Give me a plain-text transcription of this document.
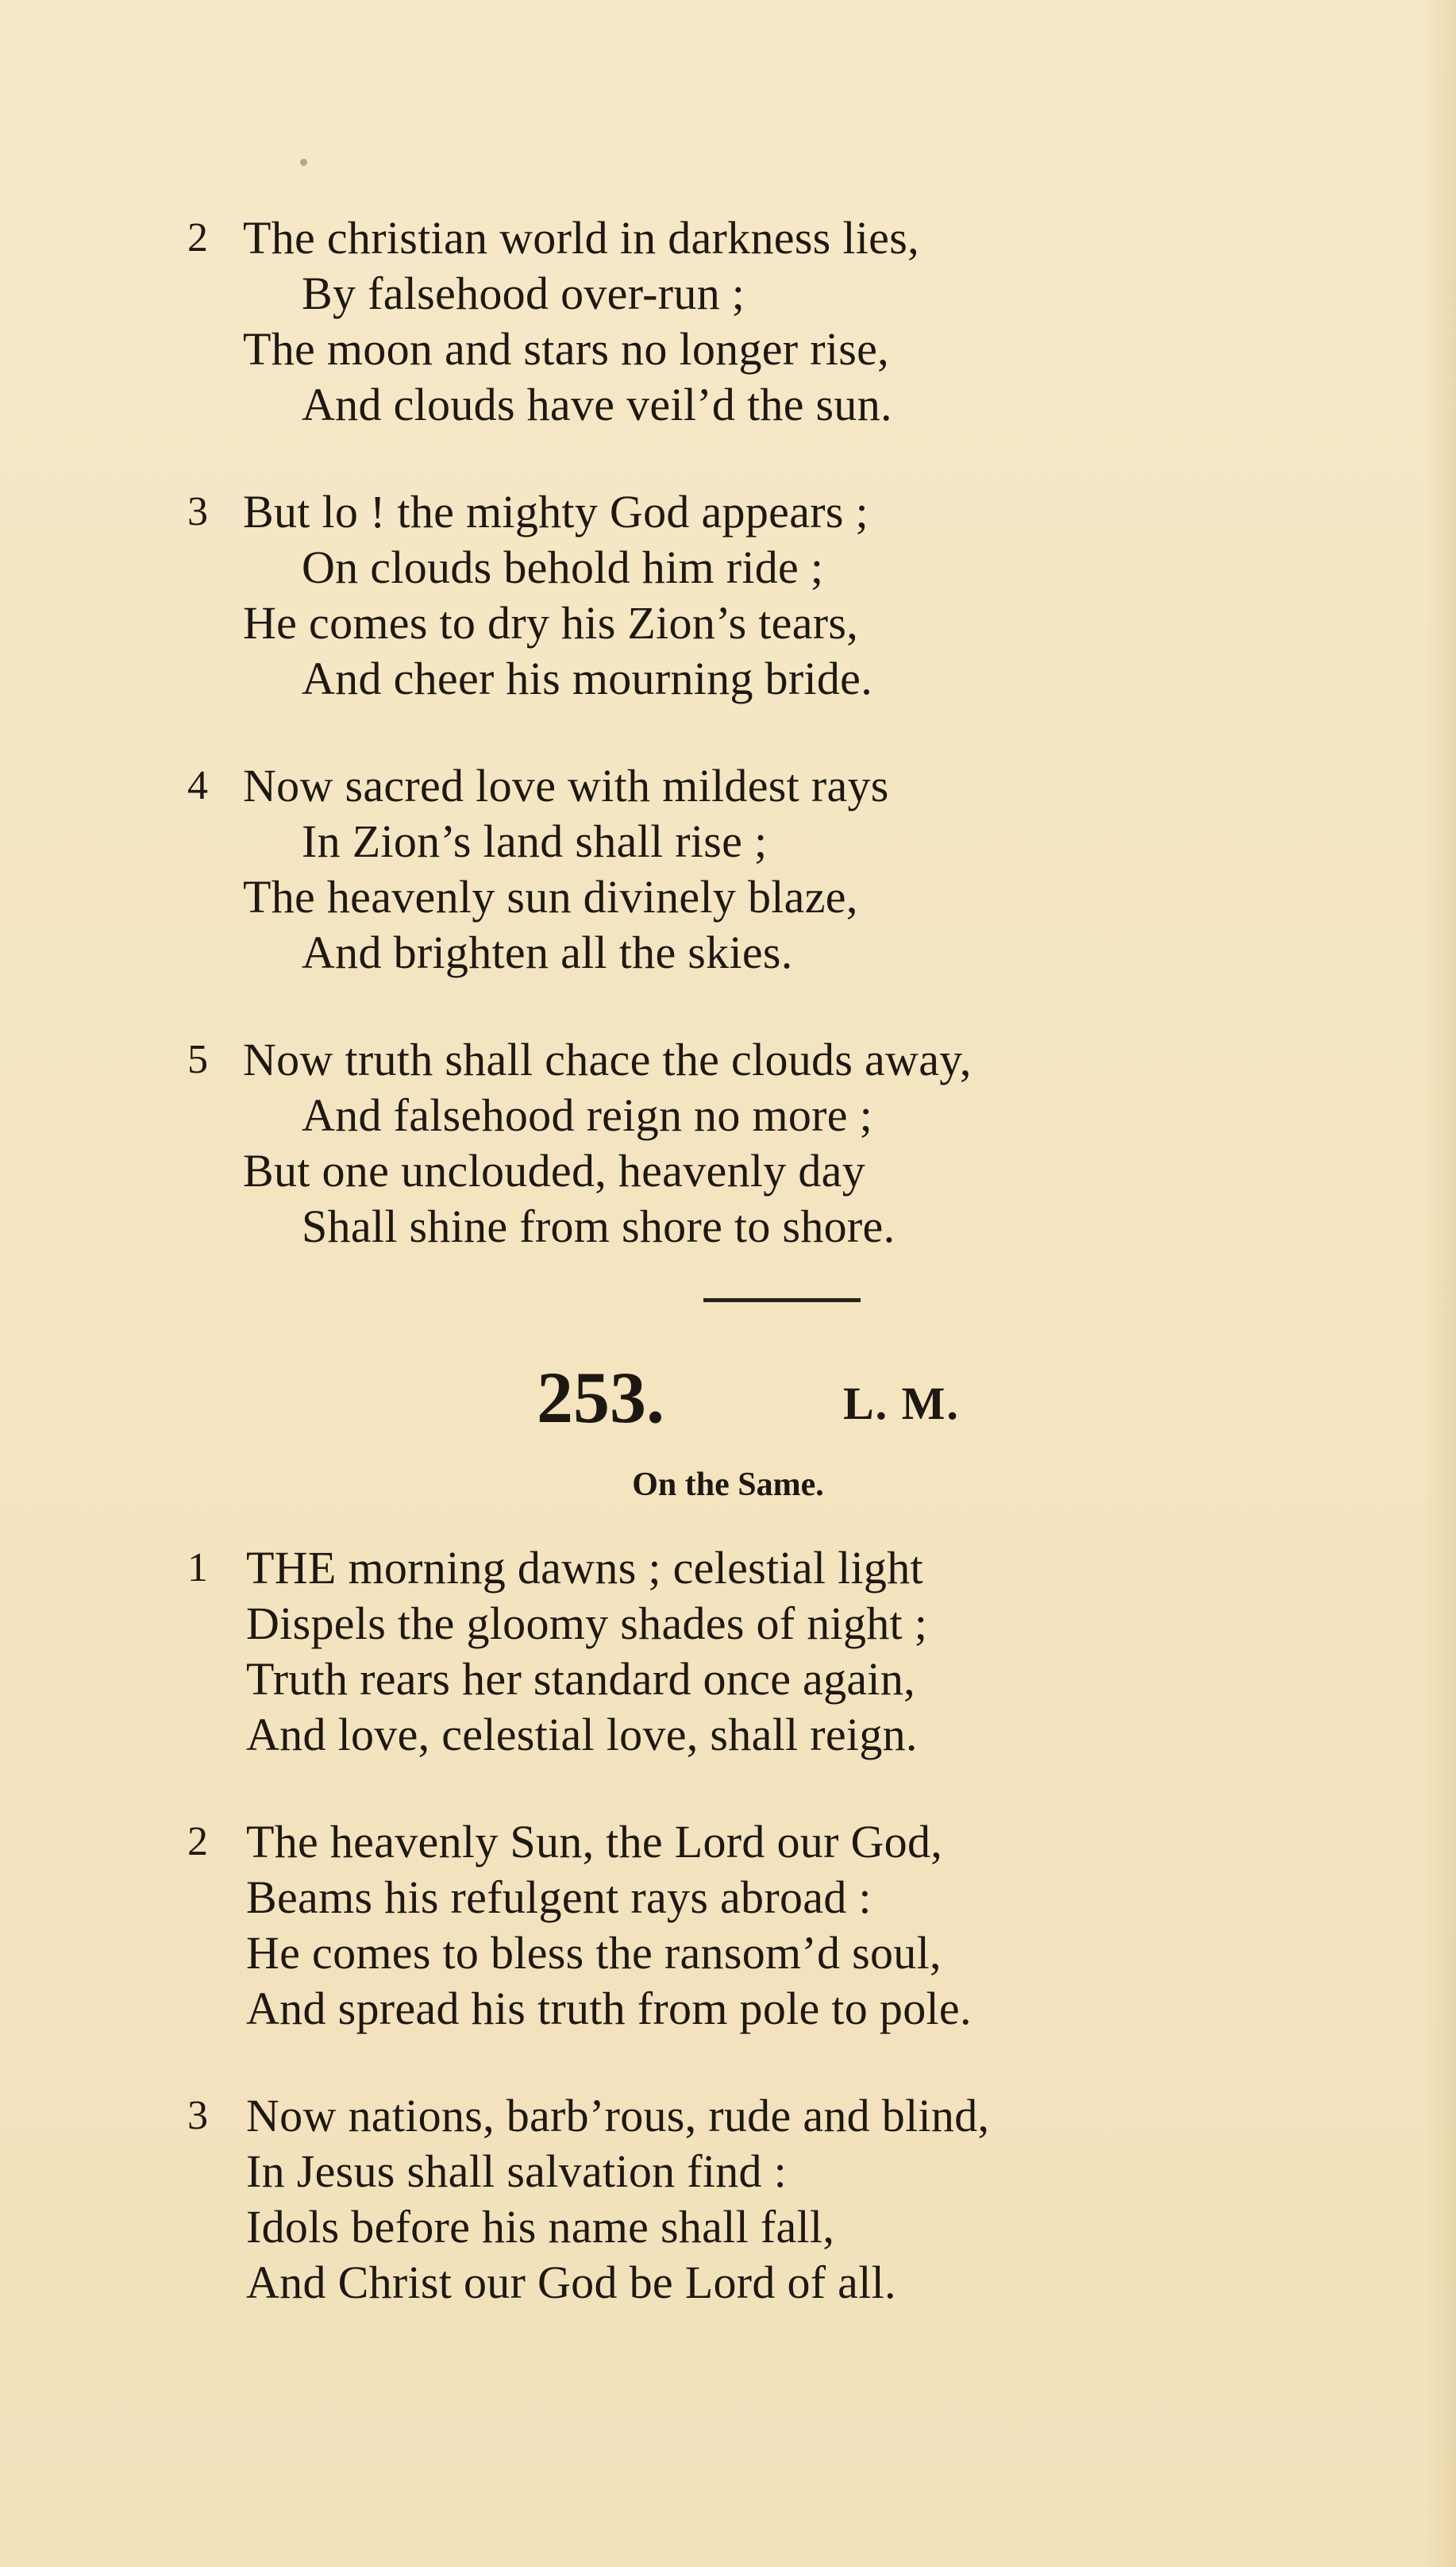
2 The christian world in darkness lies,
By falsehood over-run ;
The moon and stars no longer rise,
And clouds have veil’d the sun.
3 But lo ! the mighty God appears ;
On clouds behold him ride ;
He comes to dry his Zion’s tears,
And cheer his mourning bride.
4 Now sacred love with mildest rays
In Zion’s land shall rise ;
The heavenly sun divinely blaze,
And brighten all the skies.
5 Now truth shall chace the clouds away,
And falsehood reign no more ;
But one unclouded, heavenly day
Shall shine from shore to shore.
253.	L. M.
On the Same.
1 THE morning dawns ; celestial light
Dispels the gloomy shades of night ;
Truth rears her standard once again,
And love, celestial love, shall reign.
2 The heavenly Sun, the Lord our God,
Beams his refulgent rays abroad :
He comes to bless the ransom’d soul,
And spread his truth from pole to pole.
3 Now nations, barb’rous, rude and blind,
In Jesus shall salvation find :
Idols before his name shall fall,
And Christ our God be Lord of all.
